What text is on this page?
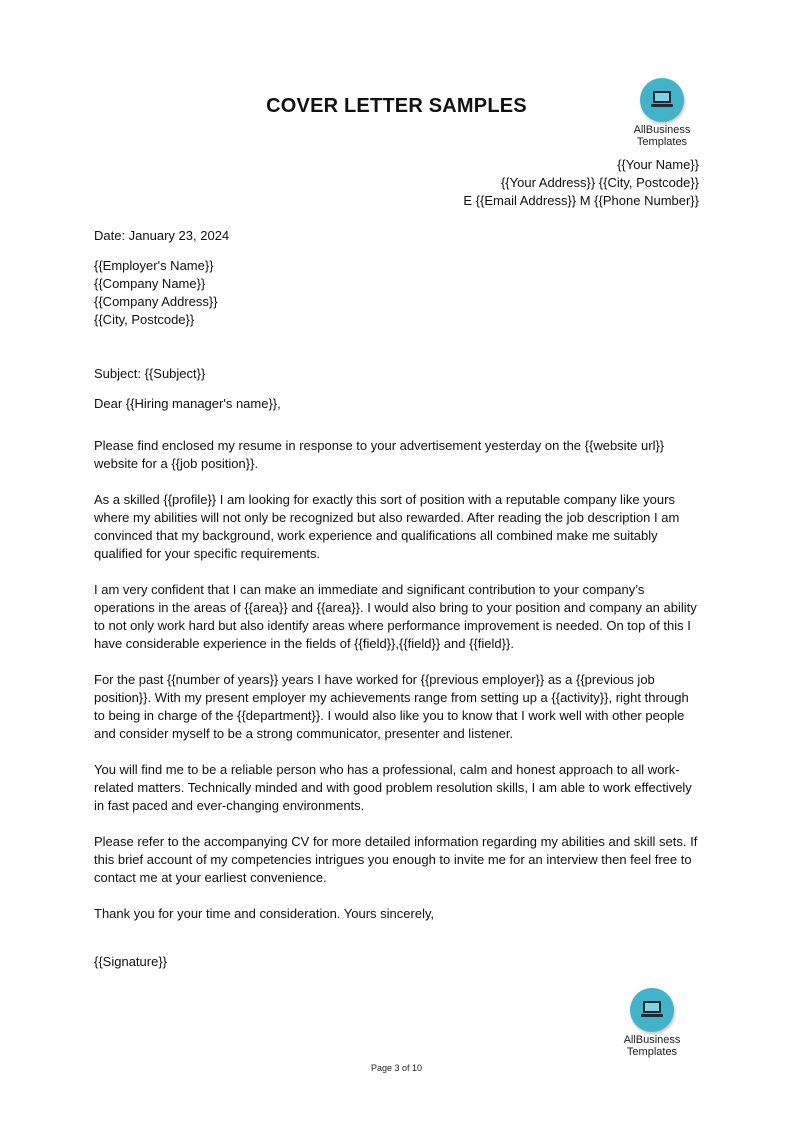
COVER LETTER SAMPLES
AllBusiness
Templates
{{Your Name}}
{{Your Address}} {{City, Postcode}}
E {{Email Address}} M {{Phone Number}}

Date: January 23, 2024

{{Employer's Name}}

{{Company Name}}

{{Company Address}}

{{City, Postcode}}

Subject: {{Subject}}

Dear {{Hiring manager's name}},

Please find enclosed my resume in response to your advertisement yesterday on the {{website url}} website for a {{job position}}.

As a skilled {{profile}} I am looking for exactly this sort of position with a reputable company like yours where my abilities will not only be recognized but also rewarded. After reading the job description I am convinced that my background, work experience and qualifications all combined make me suitably qualified for your specific requirements.

I am very confident that I can make an immediate and significant contribution to your company’s operations in the areas of {{area}} and {{area}}. I would also bring to your position and company an ability to not only work hard but also identify areas where performance improvement is needed. On top of this I have considerable experience in the fields of {{field}},{{field}} and {{field}}.

For the past {{number of years}} years I have worked for {{previous employer}} as a {{previous job position}}. With my present employer my achievements range from setting up a {{activity}}, right through to being in charge of the {{department}}. I would also like you to know that I work well with other people and consider myself to be a strong communicator, presenter and listener.

You will find me to be a reliable person who has a professional, calm and honest approach to all work-related matters. Technically minded and with good problem resolution skills, I am able to work effectively in fast paced and ever-changing environments.

Please refer to the accompanying CV for more detailed information regarding my abilities and skill sets. If this brief account of my competencies intrigues you enough to invite me for an interview then feel free to contact me at your earliest convenience.

Thank you for your time and consideration. Yours sincerely,

{{Signature}}

AllBusiness
Templates
Page 3 of 10
